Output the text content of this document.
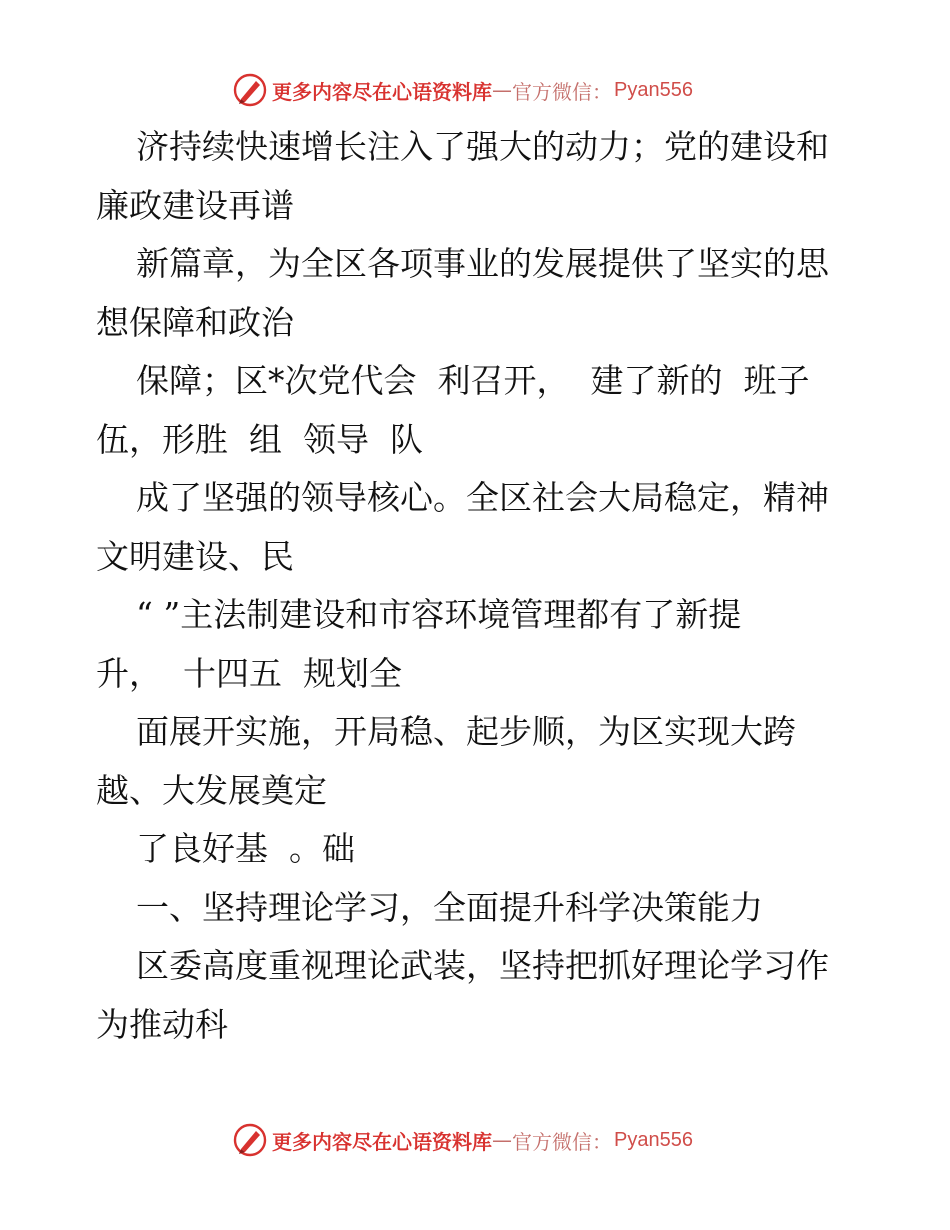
更多内容尽在心语资料库 — 官方微信： Pyan556
济持续快速增长注入了强大的动力；党的建设和
廉政建设再谱
新篇章，为全区各项事业的发展提供了坚实的思
想保障和政治
保障；区*次党代会  利召开，  建了新的  班子
伍，形胜  组  领导  队
成了坚强的领导核心。全区社会大局稳定，精神
文明建设、民
“ ”主法制建设和市容环境管理都有了新提
升，  十四五  规划全
面展开实施，开局稳、起步顺，为区实现大跨
越、大发展奠定
了良好基  。础
一、坚持理论学习，全面提升科学决策能力
区委高度重视理论武装，坚持把抓好理论学习作
为推动科
更多内容尽在心语资料库 — 官方微信： Pyan556
